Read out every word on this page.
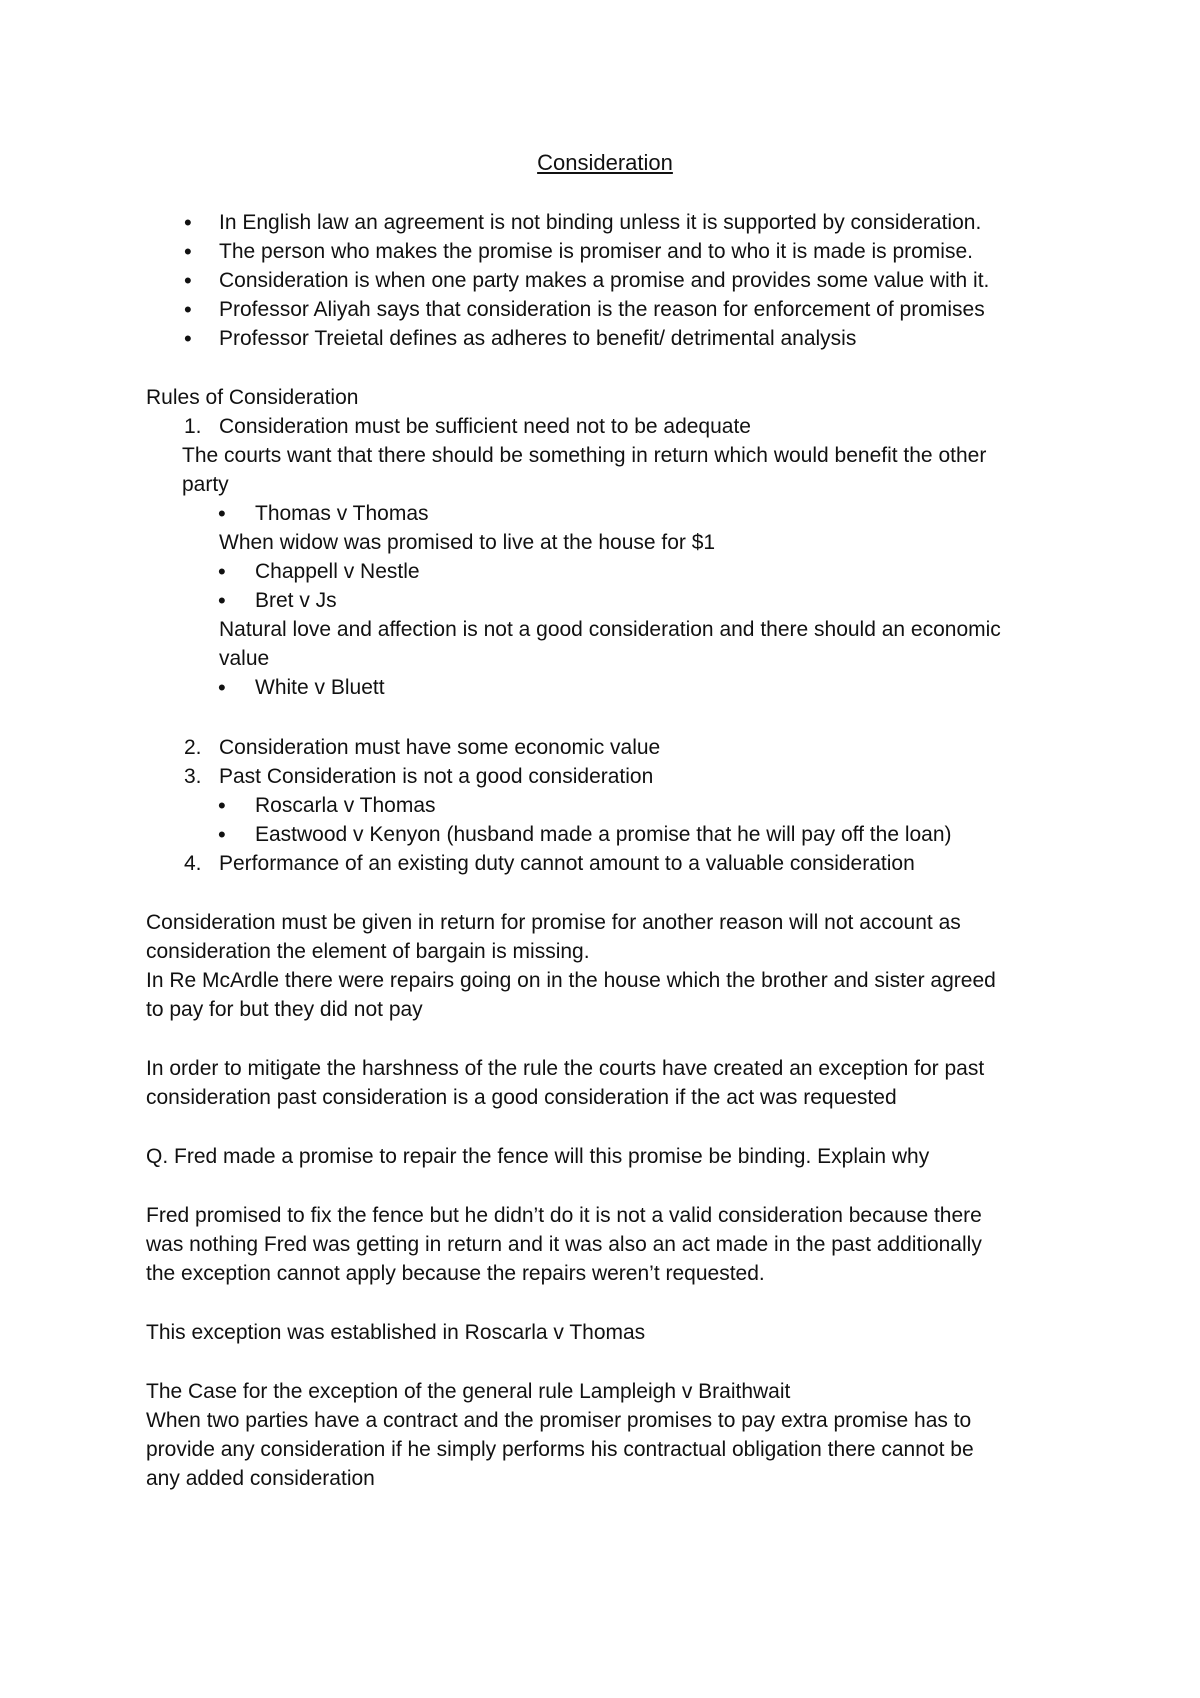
Consideration
• In English law an agreement is not binding unless it is supported by consideration.
• The person who makes the promise is promiser and to who it is made is promise.
• Consideration is when one party makes a promise and provides some value with it.
• Professor Aliyah says that consideration is the reason for enforcement of promises
• Professor Treietal defines as adheres to benefit/ detrimental analysis
Rules of Consideration
1. Consideration must be sufficient need not to be adequate
The courts want that there should be something in return which would benefit the other
party
• Thomas v Thomas
When widow was promised to live at the house for $1
• Chappell v Nestle
• Bret v Js
Natural love and affection is not a good consideration and there should an economic
value
• White v Bluett
2. Consideration must have some economic value
3. Past Consideration is not a good consideration
• Roscarla v Thomas
• Eastwood v Kenyon (husband made a promise that he will pay off the loan)
4. Performance of an existing duty cannot amount to a valuable consideration
Consideration must be given in return for promise for another reason will not account as
consideration the element of bargain is missing.
In Re McArdle there were repairs going on in the house which the brother and sister agreed
to pay for but they did not pay
In order to mitigate the harshness of the rule the courts have created an exception for past
consideration past consideration is a good consideration if the act was requested
Q. Fred made a promise to repair the fence will this promise be binding. Explain why
Fred promised to fix the fence but he didn’t do it is not a valid consideration because there
was nothing Fred was getting in return and it was also an act made in the past additionally
the exception cannot apply because the repairs weren’t requested.
This exception was established in Roscarla v Thomas
The Case for the exception of the general rule Lampleigh v Braithwait
When two parties have a contract and the promiser promises to pay extra promise has to
provide any consideration if he simply performs his contractual obligation there cannot be
any added consideration
